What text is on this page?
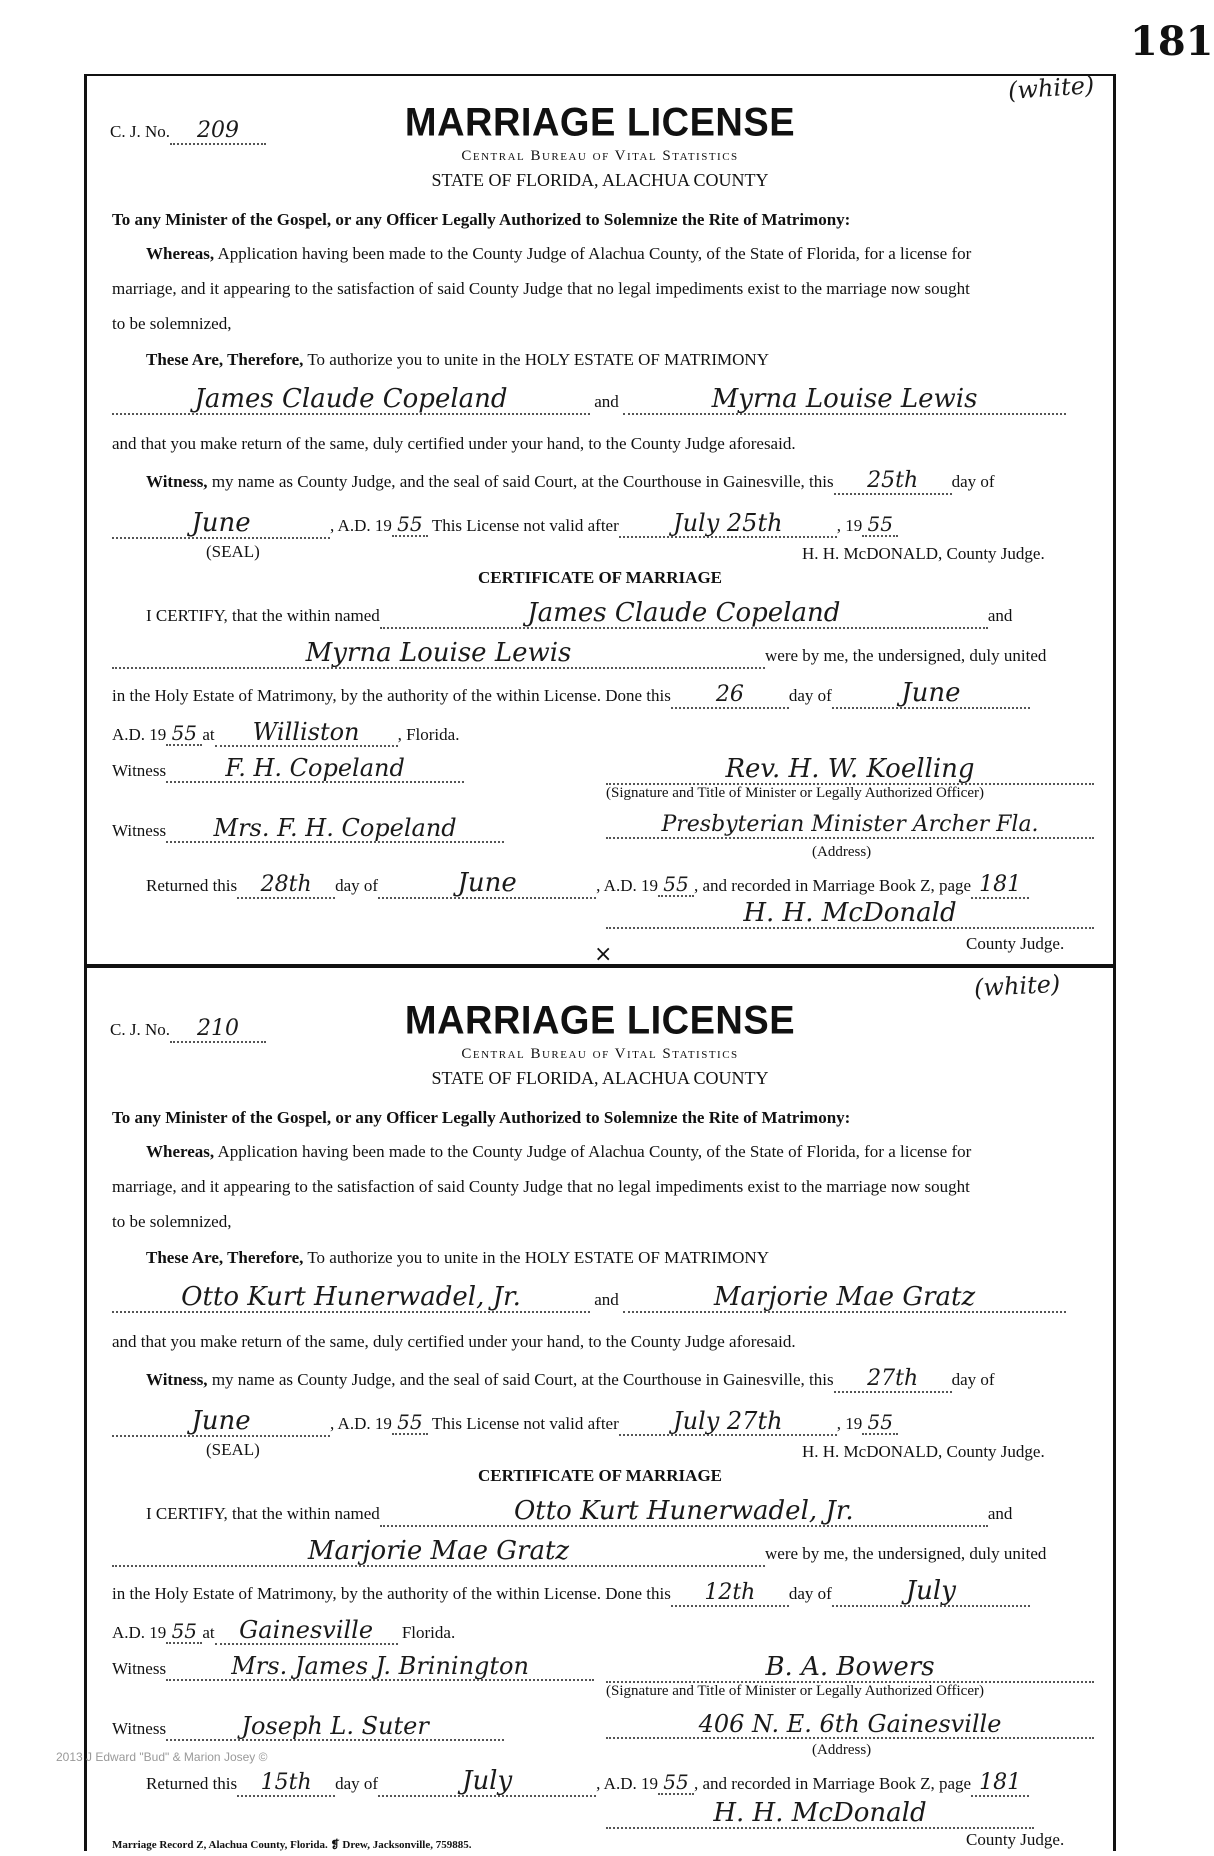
181
(white)
C. J. No. 209	MARRIAGE LICENSE
Central Bureau of Vital Statistics
STATE OF FLORIDA, ALACHUA COUNTY
To any Minister of the Gospel, or any Officer Legally Authorized to Solemnize the Rite of Matrimony:
Whereas, Application having been made to the County Judge of Alachua County, of the State of Florida, for a license for
marriage, and it appearing to the satisfaction of said County Judge that no legal impediments exist to the marriage now sought
to be solemnized,
These Are, Therefore, To authorize you to unite in the HOLY ESTATE OF MATRIMONY
James Claude Copeland	and	Myrna Louise Lewis
and that you make return of the same, duly certified under your hand, to the County Judge aforesaid.
Witness, my name as County Judge, and the seal of said Court, at the Courthouse in Gainesville, this 25th day of
June	, A.D. 19 55 This License not valid after July 25th	, 19 55
(SEAL)	H. H. McDONALD, County Judge.
CERTIFICATE OF MARRIAGE
I CERTIFY, that the within named	James Claude Copeland	and
Myrna Louise Lewis	were by me, the undersigned, duly united
in the Holy Estate of Matrimony, by the authority of the within License. Done this 26	day of	June
A.D. 19 55 at Williston , Florida.
Witness F. H. Copeland	Rev. H. W. Koelling
(Signature and Title of Minister or Legally Authorized Officer)
Witness Mrs. F. H. Copeland	Presbyterian Minister Archer Fla.
(Address)
Returned this 28th day of	June	, A.D. 19 55 , and recorded in Marriage Book Z, page 181
H. H. McDonald
County Judge.
×
(white)
C. J. No. 210	MARRIAGE LICENSE
Central Bureau of Vital Statistics
STATE OF FLORIDA, ALACHUA COUNTY
To any Minister of the Gospel, or any Officer Legally Authorized to Solemnize the Rite of Matrimony:
Whereas, Application having been made to the County Judge of Alachua County, of the State of Florida, for a license for
marriage, and it appearing to the satisfaction of said County Judge that no legal impediments exist to the marriage now sought
to be solemnized,
These Are, Therefore, To authorize you to unite in the HOLY ESTATE OF MATRIMONY
Otto Kurt Hunerwadel, Jr.	and	Marjorie Mae Gratz
and that you make return of the same, duly certified under your hand, to the County Judge aforesaid.
Witness, my name as County Judge, and the seal of said Court, at the Courthouse in Gainesville, this 27th day of
June	, A.D. 19 55 This License not valid after July 27th	, 19 55
(SEAL)	H. H. McDONALD, County Judge.
CERTIFICATE OF MARRIAGE
I CERTIFY, that the within named	Otto Kurt Hunerwadel, Jr.	and
Marjorie Mae Gratz	were by me, the undersigned, duly united
in the Holy Estate of Matrimony, by the authority of the within License. Done this 12th day of	July
A.D. 19 55 at Gainesville Florida.
Witness	Mrs. James J. Brinington	B. A. Bowers
(Signature and Title of Minister or Legally Authorized Officer)
Witness	Joseph L. Suter	406 N. E. 6th Gainesville
(Address)
Returned this 15th day of	July	, A.D. 19 55 , and recorded in Marriage Book Z, page 181
H. H. McDonald
County Judge.
2013 J Edward "Bud" & Marion Josey ©
Marriage Record Z, Alachua County, Florida. ❡ Drew, Jacksonville, 759885.
